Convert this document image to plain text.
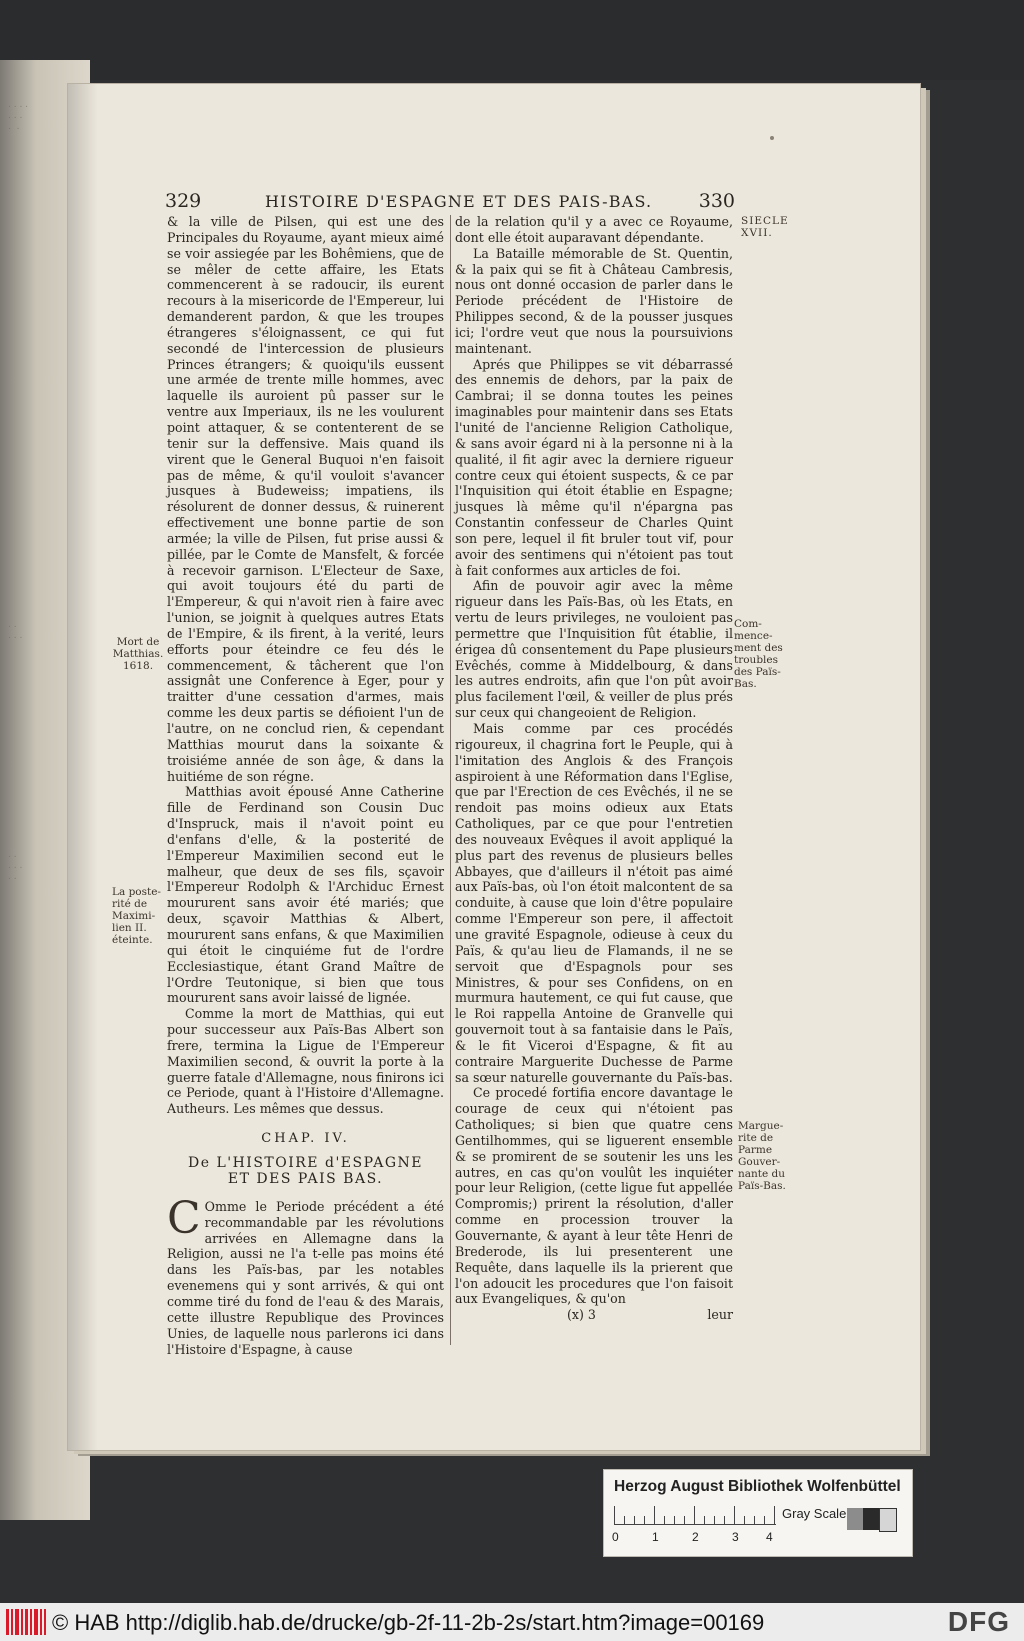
. . . .
. . .
.  .
. .
. . .
. .
. . .
. .
329	HISTOIRE D'ESPAGNE ET DES PAIS-BAS. 330

& la ville de Pilsen, qui est une des Principales du Royaume, ayant mieux aimé se voir assiegée par les Bohêmiens, que de se mêler de cette affaire, les Etats commencerent à se radoucir, ils eurent recours à la misericorde de l'Empereur, lui demanderent pardon, & que les troupes étrangeres s'éloignassent, ce qui fut secondé de l'intercession de plusieurs Princes étrangers; & quoiqu'ils eussent une armée de trente mille hommes, avec laquelle ils auroient pû passer sur le ventre aux Imperiaux, ils ne les voulurent point attaquer, & se contenterent de se tenir sur la deffensive. Mais quand ils virent que le General Buquoi n'en faisoit pas de même, & qu'il vouloit s'avancer jusques à Budeweiss; impatiens, ils résolurent de donner dessus, & ruinerent effectivement une bonne partie de son armée; la ville de Pilsen, fut prise aussi & pillée, par le Comte de Mansfelt, & forcée à recevoir garnison. L'Electeur de Saxe, qui avoit toujours été du parti de l'Empereur, & qui n'avoit rien à faire avec l'union, se joignit à quelques autres Etats de l'Empire, & ils firent, à la verité, leurs efforts pour éteindre ce feu dés le commencement, & tâcherent que l'on assignât une Conference à Eger, pour y traitter d'une cessation d'armes, mais comme les deux partis se défioient l'un de l'autre, on ne conclud rien, & cependant Matthias mourut dans la soixante & troisiéme année de son âge, & dans la huitiéme de son régne.

Matthias avoit épousé Anne Catherine fille de Ferdinand son Cousin Duc d'Inspruck, mais il n'avoit point eu d'enfans d'elle, & la posterité de l'Empereur Maximilien second eut le malheur, que deux de ses fils, sçavoir l'Empereur Rodolph & l'Archiduc Ernest moururent sans avoir été mariés; que deux, sçavoir Matthias & Albert, moururent sans enfans, & que Maximilien qui étoit le cinquiéme fut de l'ordre Ecclesiastique, étant Grand Maître de l'Ordre Teutonique, si bien que tous moururent sans avoir laissé de lignée.

Comme la mort de Matthias, qui eut pour successeur aux Païs-Bas Albert son frere, termina la Ligue de l'Empereur Maximilien second, & ouvrit la porte à la guerre fatale d'Allemagne, nous finirons ici ce Periode, quant à l'Histoire d'Allemagne. Autheurs. Les mêmes que dessus.

CHAP. IV.
De L'HISTOIRE d'ESPAGNE
ET DES PAIS BAS.

C Omme le Periode précédent a été recommandable par les révolutions arrivées en Allemagne dans la Religion, aussi ne l'a t-elle pas moins été dans les Païs-bas, par les notables evenemens qui y sont arrivés, & qui ont comme tiré du fond de l'eau & des Marais, cette illustre Republique des Provinces Unies, de laquelle nous parlerons ici dans l'Histoire d'Espagne, à cause

de la relation qu'il y a avec ce Royaume, dont elle étoit auparavant dépendante.

La Bataille mémorable de St. Quentin, & la paix qui se fit à Château Cambresis, nous ont donné occasion de parler dans le Periode précédent de l'Histoire de Philippes second, & de la pousser jusques ici; l'ordre veut que nous la poursuivions maintenant.

Aprés que Philippes se vit débarrassé des ennemis de dehors, par la paix de Cambrai; il se donna toutes les peines imaginables pour maintenir dans ses Etats l'unité de l'ancienne Religion Catholique, & sans avoir égard ni à la personne ni à la qualité, il fit agir avec la derniere rigueur contre ceux qui étoient suspects, & ce par l'Inquisition qui étoit établie en Espagne; jusques là même qu'il n'épargna pas Constantin confesseur de Charles Quint son pere, lequel il fit bruler tout vif, pour avoir des sentimens qui n'étoient pas tout à fait conformes aux articles de foi.

Afin de pouvoir agir avec la même rigueur dans les Païs-Bas, où les Etats, en vertu de leurs privileges, ne vouloient pas permettre que l'Inquisition fût établie, il érigea dû consentement du Pape plusieurs Evêchés, comme à Middelbourg, & dans les autres endroits, afin que l'on pût avoir plus facilement l'œil, & veiller de plus prés sur ceux qui changeoient de Religion.

Mais comme par ces procédés rigoureux, il chagrina fort le Peuple, qui à l'imitation des Anglois & des François aspiroient à une Réformation dans l'Eglise, que par l'Erection de ces Evêchés, il ne se rendoit pas moins odieux aux Etats Catholiques, par ce que pour l'entretien des nouveaux Evêques il avoit appliqué la plus part des revenus de plusieurs belles Abbayes, que d'ailleurs il n'étoit pas aimé aux Païs-bas, où l'on étoit malcontent de sa conduite, à cause que loin d'être populaire comme l'Empereur son pere, il affectoit une gravité Espagnole, odieuse à ceux du Païs, & qu'au lieu de Flamands, il ne se servoit que d'Espagnols pour ses Ministres, & pour ses Confidens, on en murmura hautement, ce qui fut cause, que le Roi rappella Antoine de Granvelle qui gouvernoit tout à sa fantaisie dans le Païs, & le fit Viceroi d'Espagne, & fit au contraire Marguerite Duchesse de Parme sa sœur naturelle gouvernante du Païs-bas.

Ce procedé fortifia encore davantage le courage de ceux qui n'étoient pas Catholiques; si bien que quatre cens Gentilhommes, qui se liguerent ensemble & se promirent de se soutenir les uns les autres, en cas qu'on voulût les inquiéter pour leur Religion, (cette ligue fut appellée Compromis;) prirent la résolution, d'aller comme en procession trouver la Gouvernante, & ayant à leur tête Henri de Brederode, ils lui presenterent une Requête, dans laquelle ils la prierent que l'on adoucit les procedures que l'on faisoit aux Evangeliques, & qu'on

(x) 3	leur
SIECLE
XVII.
Mort de
Matthias.
1618.
La poste-
rité de
Maximi-
lien II.
éteinte.
Com-
mence-
ment des
troubles
des Païs-
Bas.
Margue-
rite de
Parme
Gouver-
nante du
Païs-Bas.
Herzog August Bibliothek Wolfenbüttel
0	1	2	3 4
Gray Scale
© HAB http://diglib.hab.de/drucke/gb-2f-11-2b-2s/start.htm?image=00169	DFG
